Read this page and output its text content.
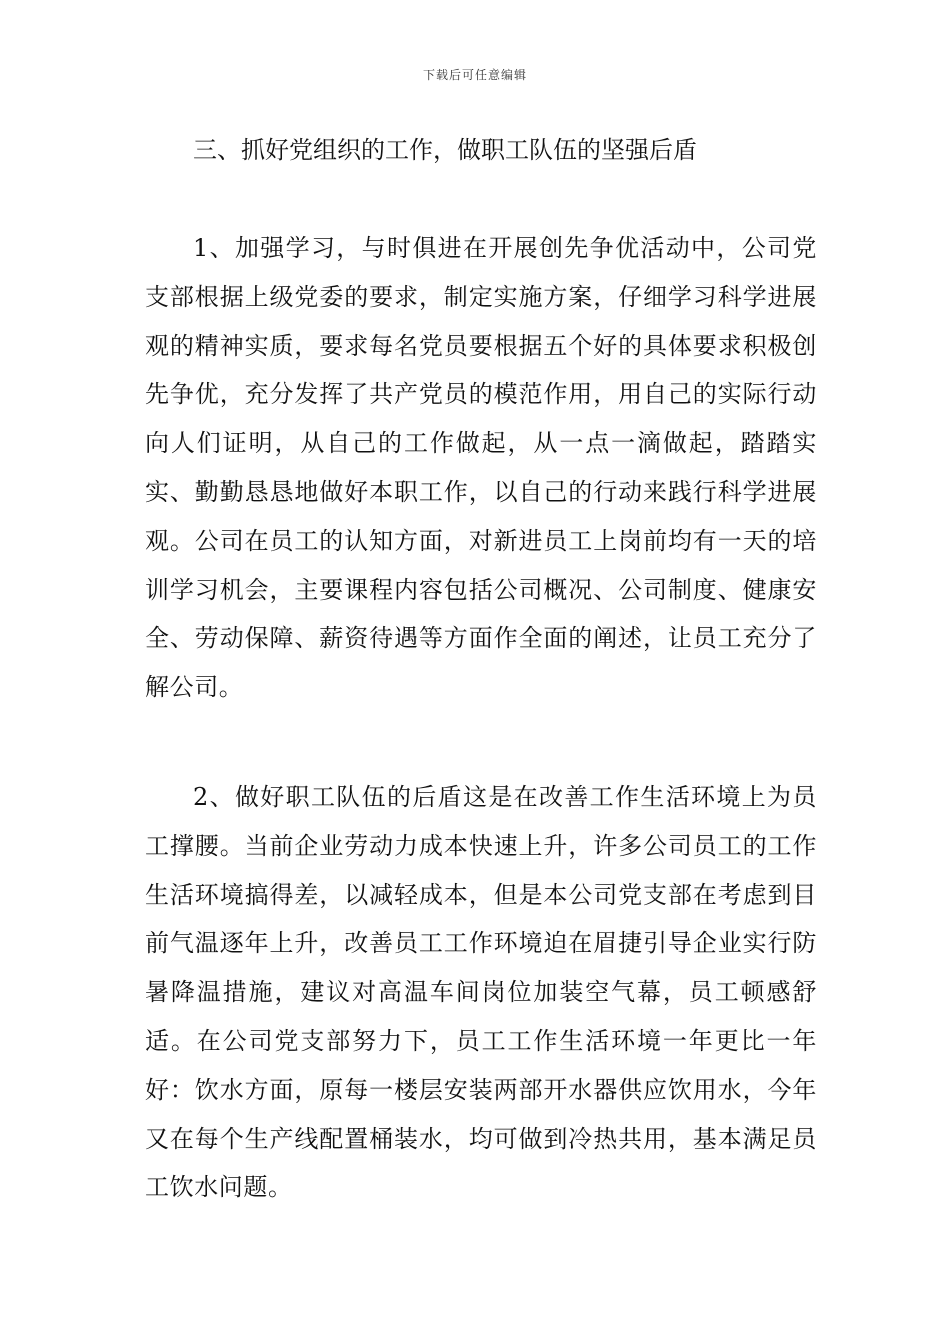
下载后可任意编辑
三、抓好党组织的工作，做职工队伍的坚强后盾

1、加强学习，与时俱进在开展创先争优活动中，公司党支部根据上级党委的要求，制定实施方案，仔细学习科学进展观的精神实质，要求每名党员要根据五个好的具体要求积极创先争优，充分发挥了共产党员的模范作用，用自己的实际行动向人们证明，从自己的工作做起，从一点一滴做起，踏踏实实、勤勤恳恳地做好本职工作，以自己的行动来践行科学进展观。公司在员工的认知方面，对新进员工上岗前均有一天的培训学习机会，主要课程内容包括公司概况、公司制度、健康安全、劳动保障、薪资待遇等方面作全面的阐述，让员工充分了解公司。

2、做好职工队伍的后盾这是在改善工作生活环境上为员工撑腰。当前企业劳动力成本快速上升，许多公司员工的工作生活环境搞得差，以减轻成本，但是本公司党支部在考虑到目前气温逐年上升，改善员工工作环境迫在眉捷引导企业实行防暑降温措施，建议对高温车间岗位加装空气幕，员工顿感舒适。在公司党支部努力下，员工工作生活环境一年更比一年好：饮水方面，原每一楼层安装两部开水器供应饮用水，今年又在每个生产线配置桶装水，均可做到冷热共用，基本满足员工饮水问题。
